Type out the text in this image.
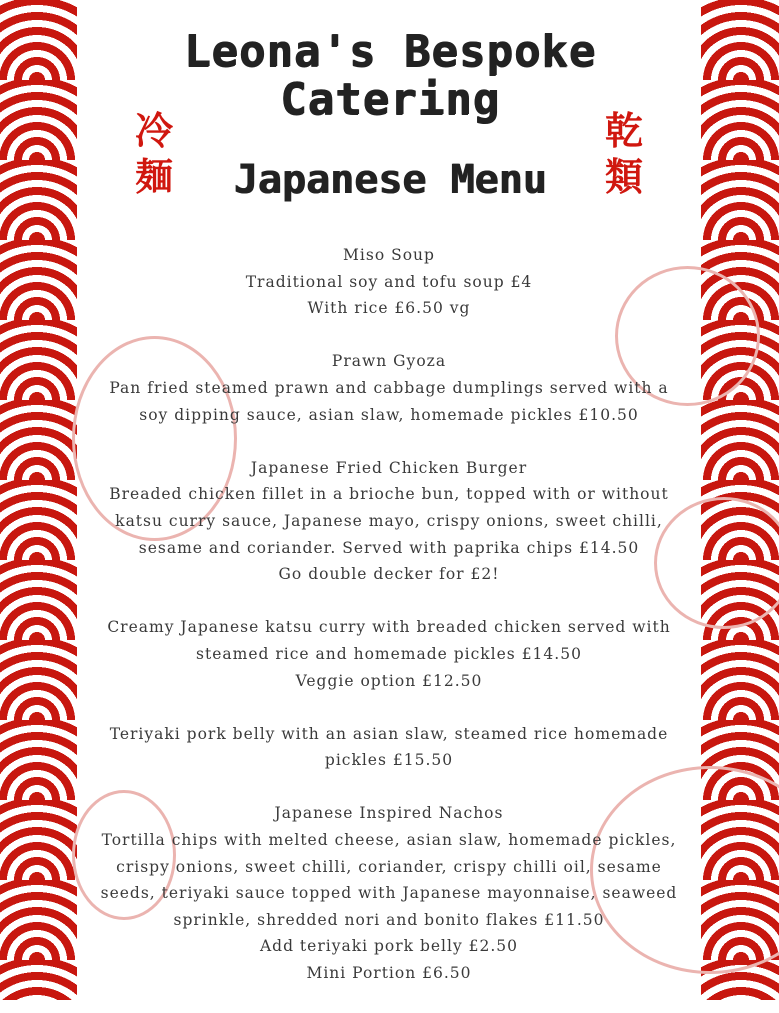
Leona's Bespoke
Catering
冷
麺
乾
類
Japanese Menu
Miso Soup
Traditional soy and tofu soup £4
With rice £6.50 vg
Prawn Gyoza
Pan fried steamed prawn and cabbage dumplings served with a
soy dipping sauce, asian slaw, homemade pickles £10.50
Japanese Fried Chicken Burger
Breaded chicken fillet in a brioche bun, topped with or without
katsu curry sauce, Japanese mayo, crispy onions, sweet chilli,
sesame and coriander. Served with paprika chips £14.50
Go double decker for £2!
Creamy Japanese katsu curry with breaded chicken served with
steamed rice and homemade pickles £14.50
Veggie option £12.50
Teriyaki pork belly with an asian slaw, steamed rice homemade
pickles £15.50
Japanese Inspired Nachos
Tortilla chips with melted cheese, asian slaw, homemade pickles,
crispy onions, sweet chilli, coriander, crispy chilli oil, sesame
seeds, teriyaki sauce topped with Japanese mayonnaise, seaweed
sprinkle, shredded nori and bonito flakes £11.50
Add teriyaki pork belly £2.50
Mini Portion £6.50
